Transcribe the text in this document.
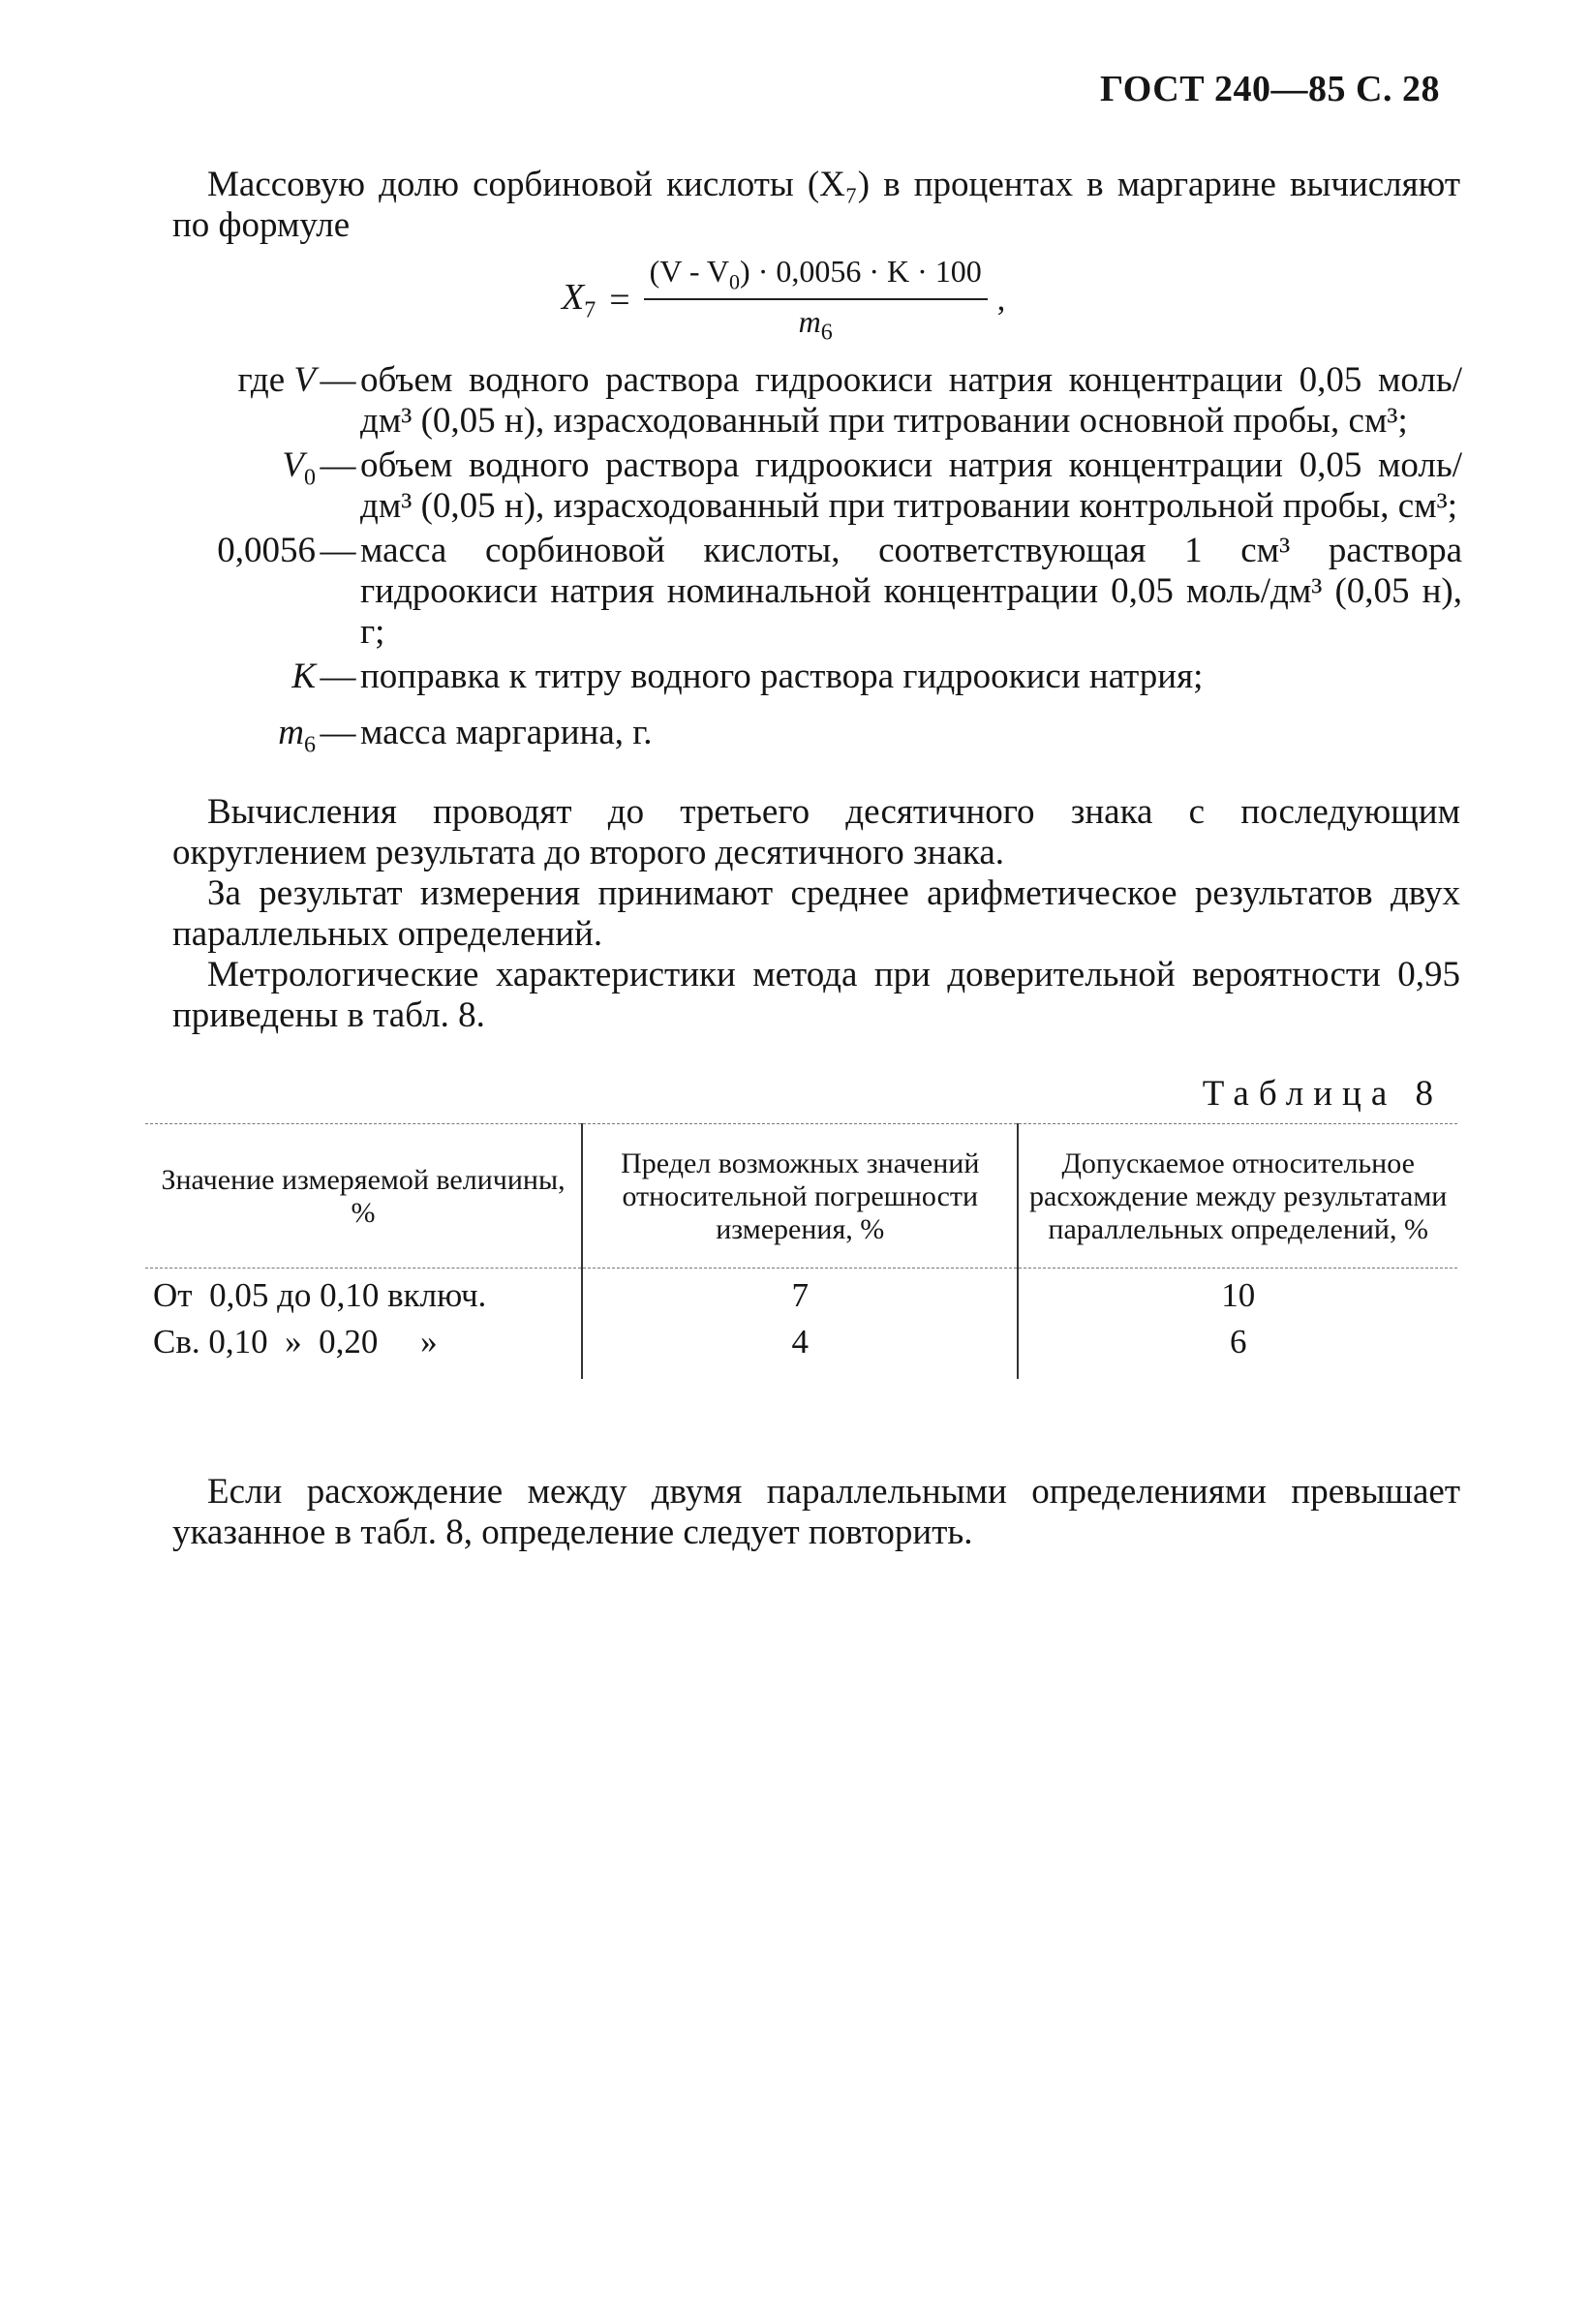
ГОСТ 240—85 С. 28

Массовую долю сорбиновой кислоты (X₇) в процентах в маргарине вычисляют по формуле

$X_7 = \frac{(V - V_0) \cdot 0,0056 \cdot K \cdot 100}{m_6}$ ,
где V — объем водного раствора гидроокиси натрия концентрации 0,05 моль/дм³ (0,05 н), израсходованный при титровании основной пробы, см³;
$V_0$ — объем водного раствора гидроокиси натрия концентрации 0,05 моль/дм³ (0,05 н), израсходованный при титровании контрольной пробы, см³;
0,0056 — масса сорбиновой кислоты, соответствующая 1 см³ раствора гидроокиси натрия номинальной концентрации 0,05 моль/дм³ (0,05 н), г;
K — поправка к титру водного раствора гидроокиси натрия;
$m_6$ — масса маргарина, г.

Вычисления проводят до третьего десятичного знака с последующим округлением результата до второго десятичного знака.

За результат измерения принимают среднее арифметическое результатов двух параллельных определений.

Метрологические характеристики метода при доверительной вероятности 0,95 приведены в табл. 8.

Таблица 8
Значение измеряемой величины, %	Предел возможных значений относительной погрешности измерения, %	Допускаемое относительное расхождение между результатами параллельных определений, %
От  0,05 до 0,10 включ.	7	10
Св. 0,10  »  0,20     »	4	6

Если расхождение между двумя параллельными определениями превышает указанное в табл. 8, определение следует повторить.
